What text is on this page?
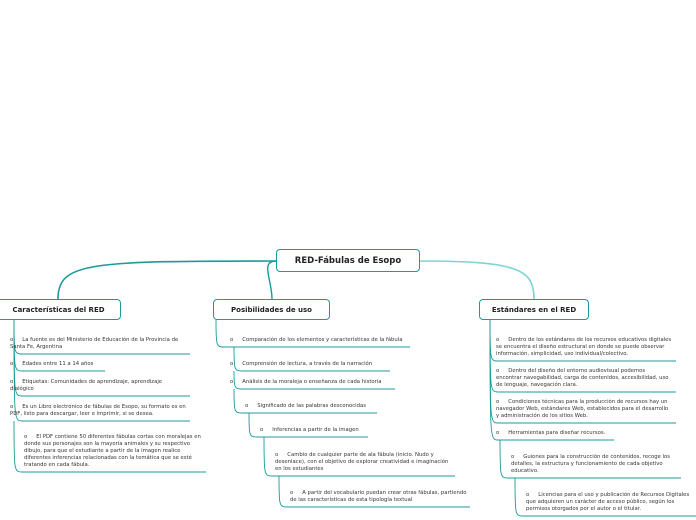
RED-Fábulas de Esopo
Características del RED	Posibilidades de uso	Estándares en el RED
o La fuente es del Ministerio de Educación de la Provincia de Santa Fe, Argentina
o Edades entre 11 a 14 años
o Etiquetas: Comunidades de aprendizaje, aprendizaje dialógico
o Es un Libro electrónico de fábulas de Esopo, su formato es en PDF, listo para descargar, leer e imprimir, si se desea.
o El PDF contiene 50 diferentes fábulas cortas con moralejas en donde sus personajes son la mayoría animales y su respectivo dibujo, para que el estudiante a partir de la imagen realice diferentes inferencias relacionadas con la temática que se esté tratando en cada fábula.
o Comparación de los elementos y características de la fábula
o Comprensión de lectura, a través de la narración
o Análisis de la moraleja o enseñanza de cada historia
o Significado de las palabras desconocidas
o Inferencias a partir de la imagen
o Cambio de cualquier parte de ala fábula (inicio. Nudo y desenlace), con el objetivo de explorar creatividad e imaginación en los estudiantes
o A partir del vocabulario puedan crear otras fábulas, partiendo de las características de esta tipología textual
o Dentro de los estándares de los recursos educativos digitales se encuentra el diseño estructural en donde se puede observar información, simplicidad, uso individual/colectivo.
o Dentro del diseño del entorno audiovisual podemos encontrar navegabilidad, carga de contenidos, accesibilidad, uso de lenguaje, navegación clara.
o Condiciones técnicas para la producción de recursos hay un navegador Web, estándares Web, establecidos para el desarrollo y administración de los sitios Web.
o Herramientas para diseñar recursos.
o Guiones para la construcción de contenidos, recoge los detalles, la estructura y funcionamiento de cada objetivo educativo.
o Licencias para el uso y publicación de Recursos Digitales que adquieren un carácter de acceso público, según los permisos otorgados por el autor o el titular.
